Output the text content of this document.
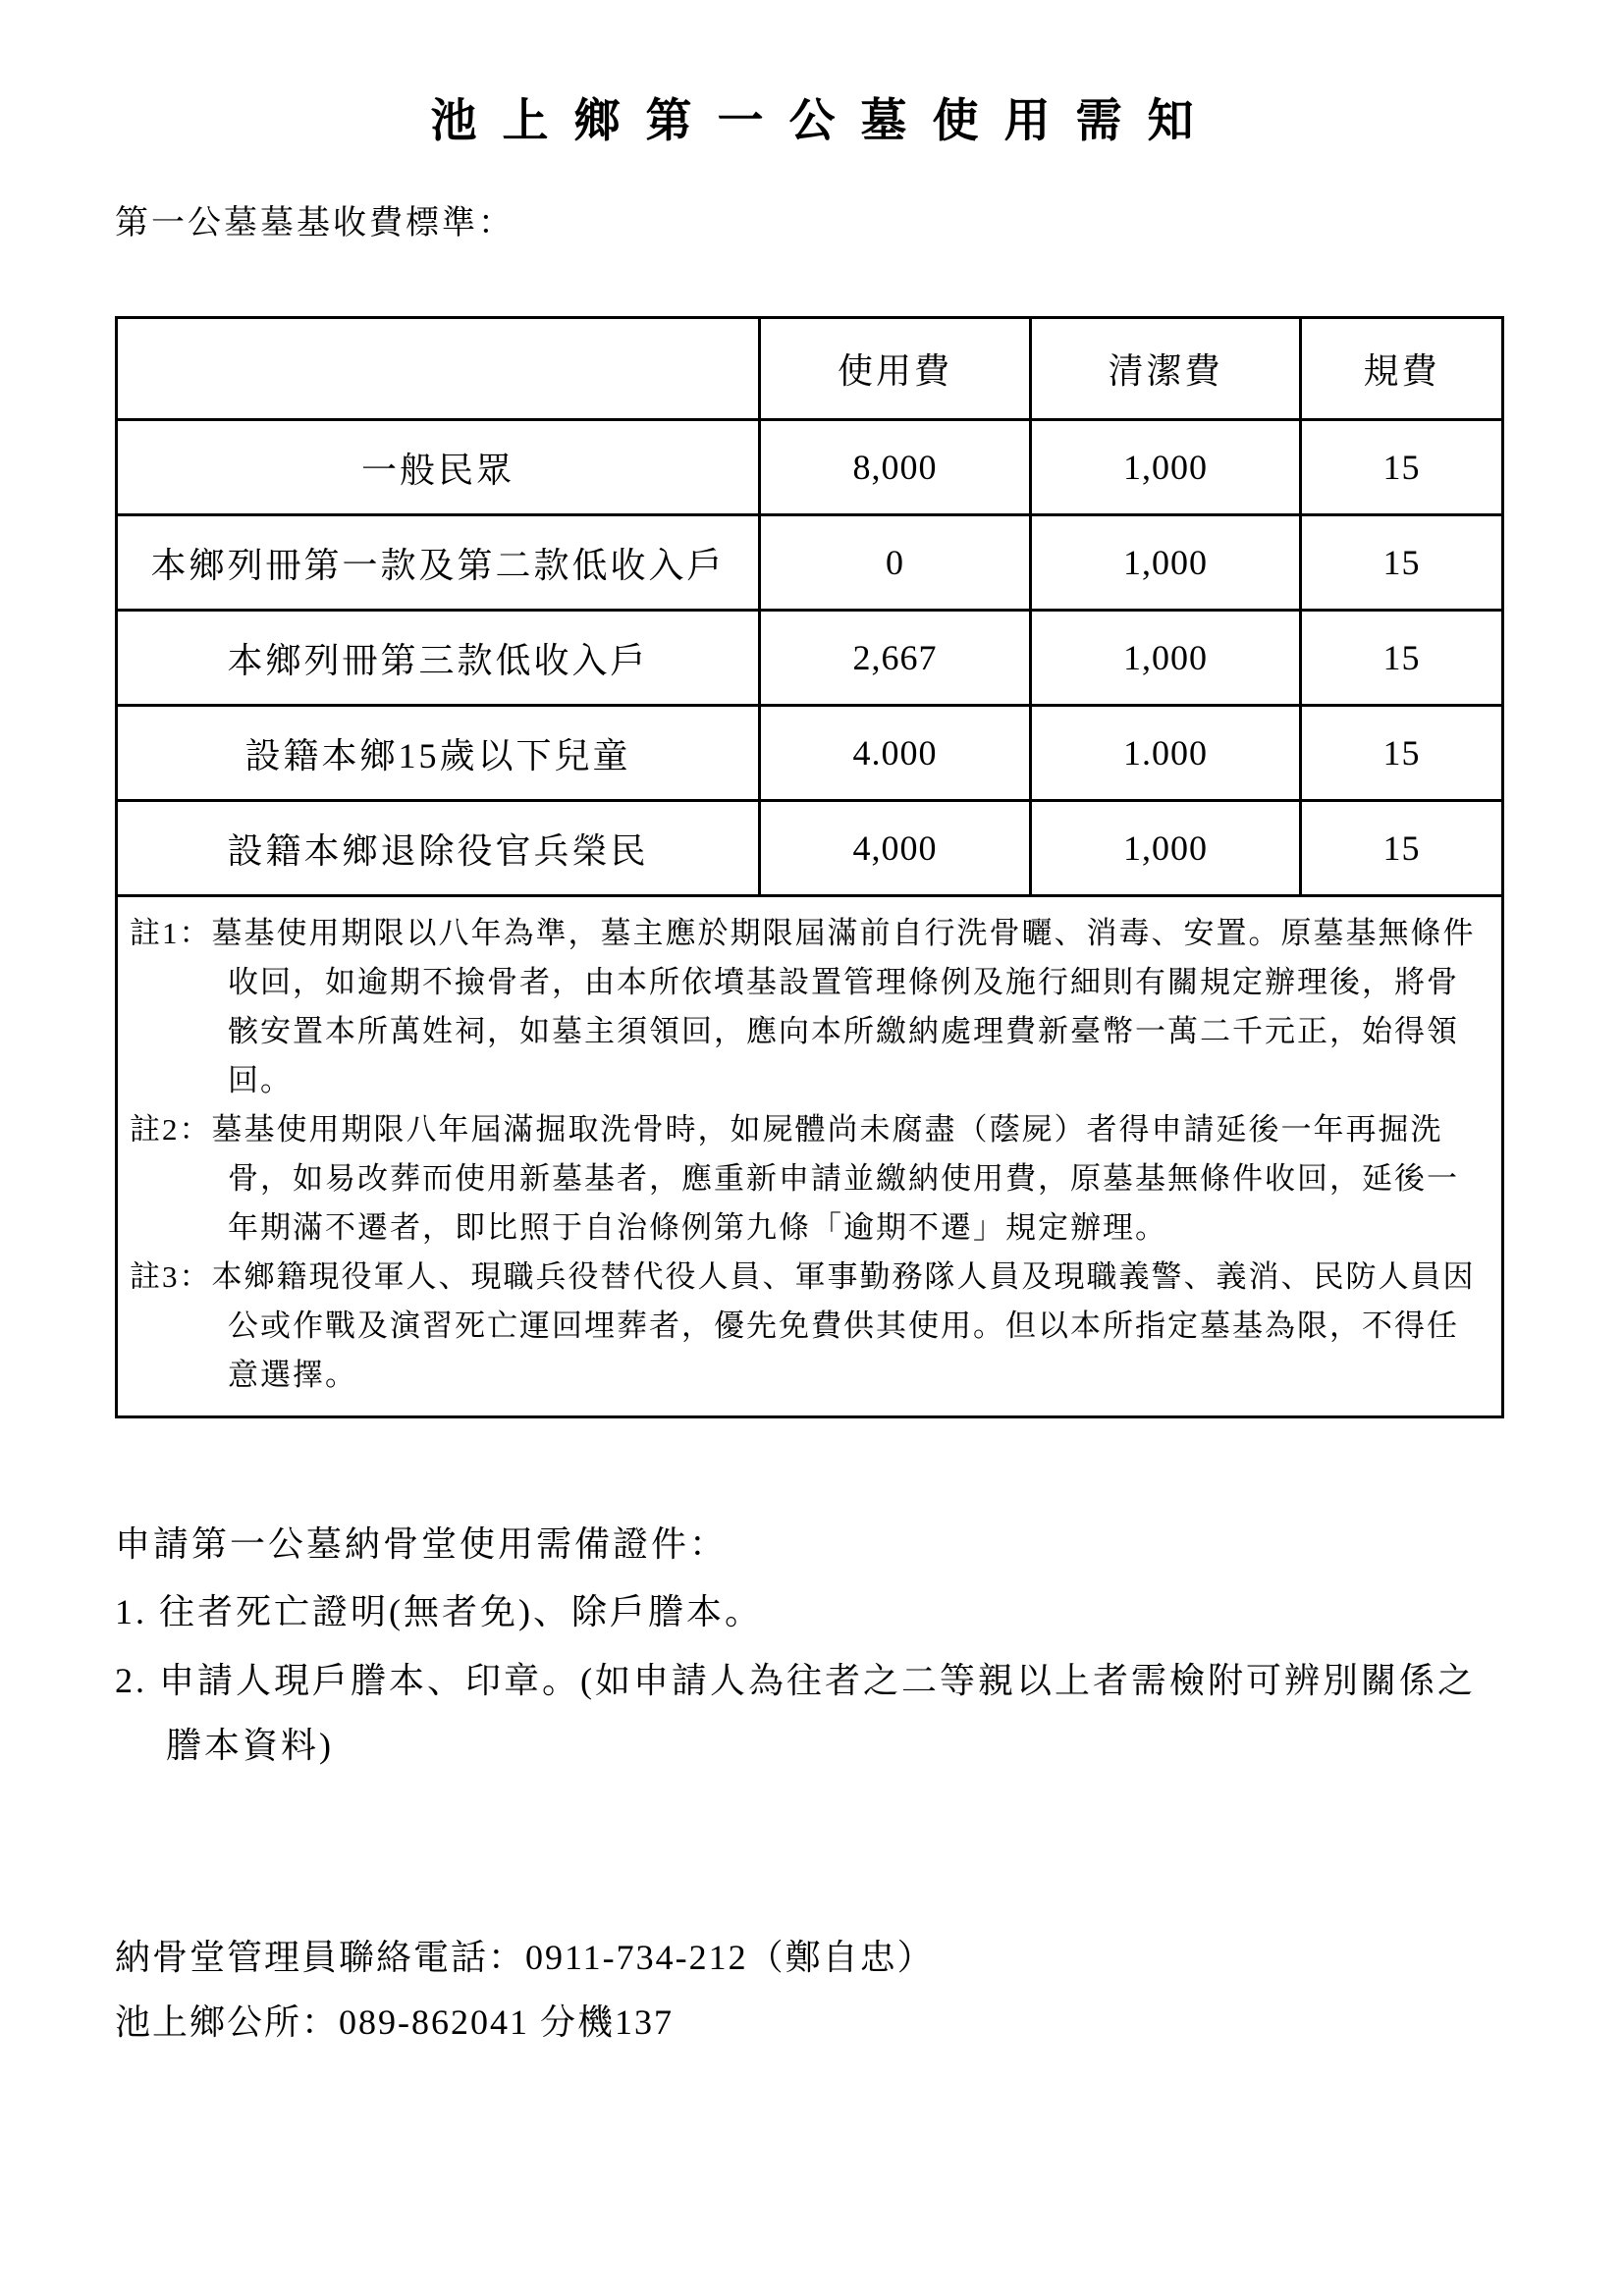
池上鄉第一公墓使用需知
第一公墓墓基收費標準：
	使用費	清潔費	規費
一般民眾	8,000	1,000	15
本鄉列冊第一款及第二款低收入戶	0	1,000	15
本鄉列冊第三款低收入戶	2,667	1,000	15
設籍本鄉15歲以下兒童	4.000	1.000	15
設籍本鄉退除役官兵榮民	4,000	1,000	15

註1：墓基使用期限以八年為準，墓主應於期限屆滿前自行洗骨曬、消毒、安置。原墓基無條件收回，如逾期不撿骨者，由本所依墳基設置管理條例及施行細則有關規定辦理後，將骨骸安置本所萬姓祠，如墓主須領回，應向本所繳納處理費新臺幣一萬二千元正，始得領回。
註2：墓基使用期限八年屆滿掘取洗骨時，如屍體尚未腐盡（蔭屍）者得申請延後一年再掘洗骨，如易改葬而使用新墓基者，應重新申請並繳納使用費，原墓基無條件收回，延後一年期滿不遷者，即比照于自治條例第九條「逾期不遷」規定辦理。
註3：本鄉籍現役軍人、現職兵役替代役人員、軍事勤務隊人員及現職義警、義消、民防人員因公或作戰及演習死亡運回埋葬者，優先免費供其使用。但以本所指定墓基為限，不得任意選擇。			
申請第一公墓納骨堂使用需備證件：
1. 往者死亡證明(無者免)、除戶謄本。
2. 申請人現戶謄本、印章。(如申請人為往者之二等親以上者需檢附可辨別關係之謄本資料)
納骨堂管理員聯絡電話：0911-734-212（鄭自忠）
池上鄉公所：089-862041 分機137
